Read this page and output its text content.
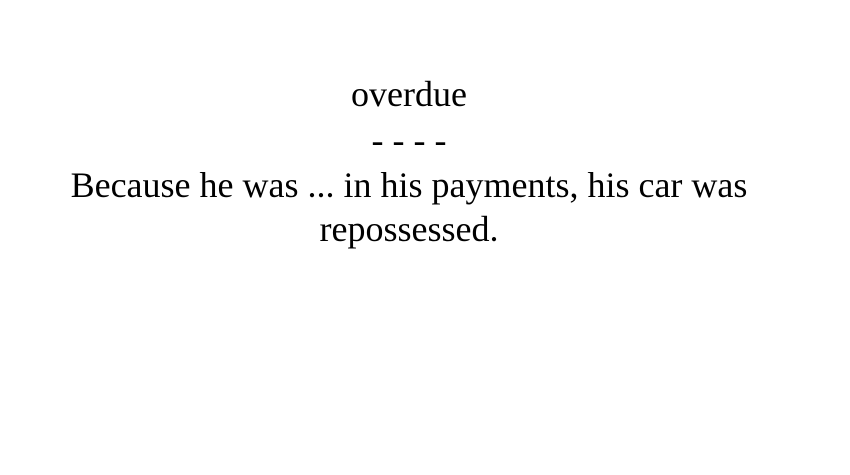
overdue
- - - -
Because he was ... in his payments, his car was repossessed.
